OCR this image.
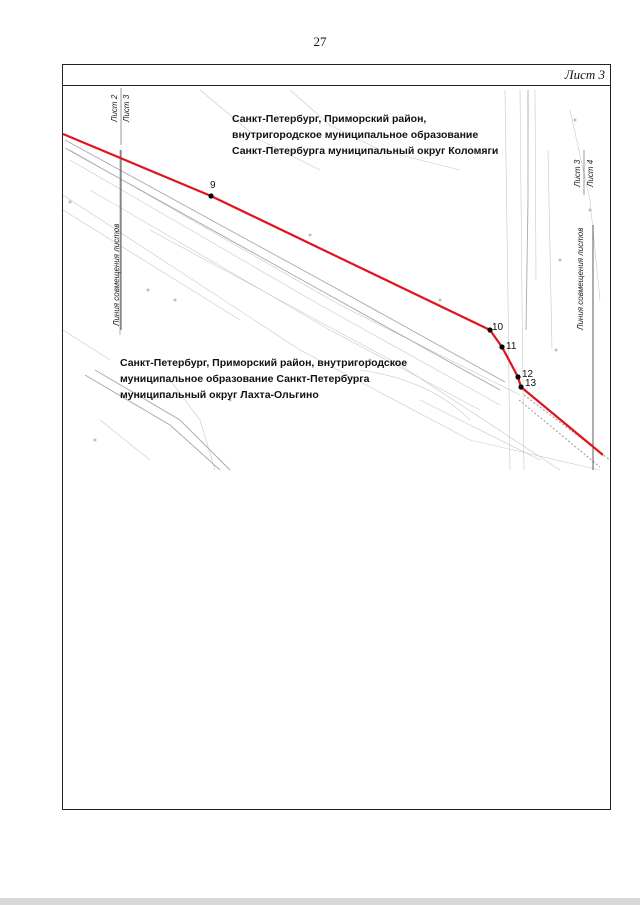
27
Лист 3
9
10
11
12
13
Санкт-Петербург, Приморский район,
внутригородское муниципальное образование
Санкт-Петербурга муниципальный округ Коломяги
Санкт-Петербург, Приморский район, внутригородское
муниципальное образование Санкт-Петербурга
муниципальный округ Лахта-Ольгино
Лист 2 Лист 3
Линия совмещения листов
Лист 3 Лист 4
Линия совмещения листов
